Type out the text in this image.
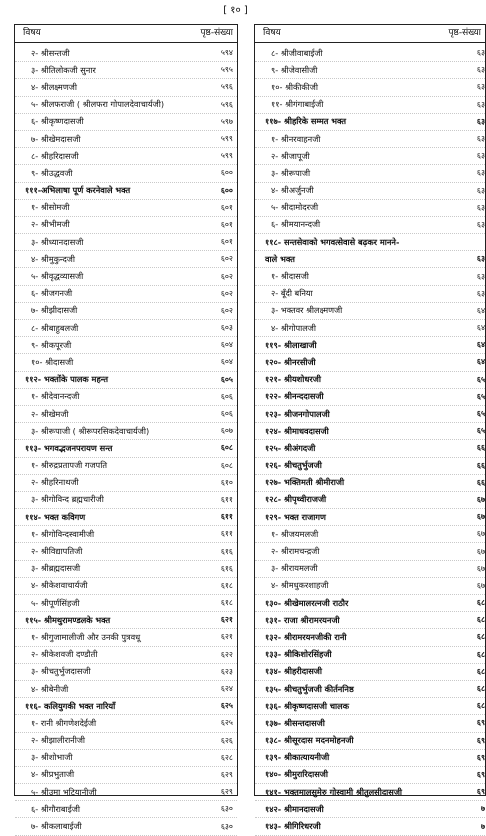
[ १० ]
विषय	पृष्ठ-संख्या
२- श्रीसन्तजी	५९४
३- श्रीतिलोकजी सुनार	५९५
४- श्रीलक्ष्मणजी	५९६
५- श्रीलफराजी ( श्रीलफरा गोपालदेवाचार्यजी)	५९६
६- श्रीकृष्णदासजी	५९७
७- श्रीखेमदासजी	५९९
८- श्रीहरिदासजी	५९९
९- श्रीउद्धवजी	६००
१११-अभिलाषा पूर्ण करनेवाले भक्त	६००
१- श्रीसोमजी	६०१
२- श्रीभीमजी	६०१
३- श्रीध्यानदासजी	६०१
४- श्रीमुकुन्दजी	६०२
५- श्रीवृद्धव्यासजी	६०२
६- श्रीजगनजी	६०२
७- श्रीझीदासजी	६०२
८- श्रीबाहुबलजी	६०३
९- श्रीकपूरजी	६०४
१०- श्रीदासजी	६०४
११२- भक्तोंके पालक महन्त	६०५
१- श्रीदेवानन्दजी	६०६
२- श्रीखेमजी	६०६
३- श्रीरूपाजी ( श्रीरूपरसिकदेवाचार्यजी)	६०७
११३- भगवद्भजनपरायण सन्त	६०८
१- श्रीरुद्रप्रतापजी गजपति	६०८
२- श्रीहरिनाथजी	६१०
३- श्रीगोविन्द ब्रह्मचारीजी	६११
११४- भक्त कविगण	६११
१- श्रीगोविन्दस्वामीजी	६११
२- श्रीविद्यापतिजी	६१६
३- श्रीब्रह्मदासजी	६१६
४- श्रीकेशवाचार्यजी	६१८
५- श्रीपूर्णसिंहजी	६१८
११५- श्रीमथुरामण्डलके भक्त	६२१
१- श्रीगुजामालीजी और उनकी पुत्रवधू	६२१
२- श्रीकेशवजी दण्डौती	६२२
३- श्रीचतुर्भुजदासजी	६२३
४- श्रीबेनीजी	६२४
११६- कलियुगकी भक्त नारियाँ	६२५
१- रानी श्रीगणेशदेईजी	६२५
२- श्रीझालीरानीजी	६२६
३- श्रीशोभाजी	६२८
४- श्रीप्रभुताजी	६२९
५- श्रीउमा भटियानीजी	६२९
६- श्रीगौराबाईजी	६३०
७- श्रीकलाबाईजी	६३०
विषय	पृष्ठ-संख्या
८- श्रीजीवाबाईजी	६३
९- श्रीजेवासीजी	६३
१०- श्रीकीकीजी	६३
११- श्रीगंगाबाईजी	६३
११७- श्रीहरिके सम्मत भक्त	६३
१- श्रीनरवाहनजी	६३
२- श्रीजापूजी	६३
३- श्रीरूपाजी	६३
४- श्रीअर्जुनजी	६३
५- श्रीदामोदरजी	६३
६- श्रीमयानन्दजी	६३
११८- सन्तसेवाको भगवत्सेवासे बढ़कर मानने-
वाले भक्त	६३
१- श्रीदासजी	६३
२- बूँदी बनिया	६३
३- भक्तवर श्रीलक्ष्मणजी	६४
४- श्रीगोपालजी	६४
११९- श्रीलाखाजी	६४
१२०- श्रीनरसीजी	६४
१२१- श्रीयशोधरजी	६५
१२२- श्रीनन्ददासजी	६५
१२३- श्रीजनगोपालजी	६५
१२४- श्रीमाधवदासजी	६५
१२५- श्रीअंगदजी	६६
१२६- श्रीचतुर्भुजजी	६६
१२७- भक्तिमती श्रीमीराजी	६६
१२८- श्रीपृथ्वीराजजी	६७
१२९- भक्त राजागण	६७
१- श्रीजयमलजी	६७
२- श्रीरामचन्द्रजी	६७
३- श्रीरायमलजी	६७
४- श्रीमधुकरशाहजी	६७
१३०- श्रीखेमालरत्नजी राठौर	६८
१३१- राजा श्रीरामरयनजी	६८
१३२- श्रीरामरयनजीकी रानी	६८
१३३- श्रीकिशोरसिंहजी	६८
१३४- श्रीहरीदासजी	६८
१३५- श्रीचतुर्भुजजी कीर्तननिष्ठ	६८
१३६- श्रीकृष्णदासजी चालक	६८
१३७- श्रीसन्तदासजी	६९
१३८- श्रीसूरदास मदनमोहनजी	६९
१३९- श्रीकात्यायनीजी	६९
१४०- श्रीमुरारिदासजी	६९
१४१- भक्तमालसुमेरु गोस्वामी श्रीतुलसीदासजी	६९
१४२- श्रीमानदासजी	७
१४३- श्रीगिरिधरजी	७
